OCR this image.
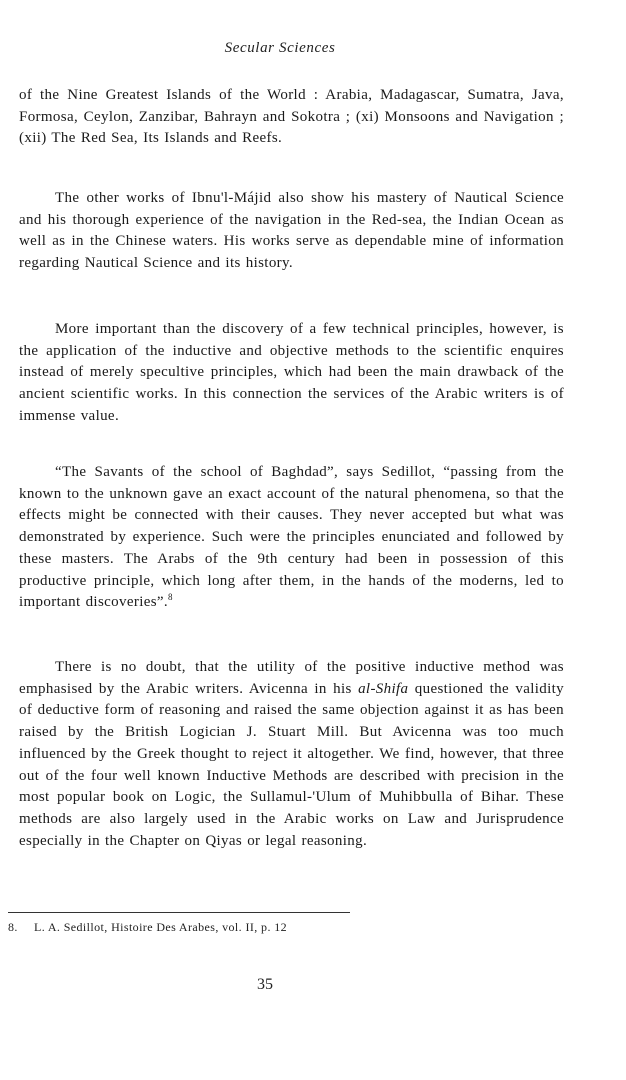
Secular Sciences

of the Nine Greatest Islands of the World : Arabia, Madagascar, Sumatra, Java, Formosa, Ceylon, Zanzibar, Bahrayn and Sokotra ; (xi) Monsoons and Navigation ; (xii) The Red Sea, Its Islands and Reefs.

The other works of Ibnu'l-Májid also show his mastery of Nautical Science and his thorough experience of the navigation in the Red-sea, the Indian Ocean as well as in the Chinese waters. His works serve as dependable mine of information regarding Nautical Science and its history.

More important than the discovery of a few technical principles, however, is the application of the inductive and objective methods to the scientific enquires instead of merely specultive principles, which had been the main drawback of the ancient scientific works. In this connection the services of the Arabic writers is of immense value.

“The Savants of the school of Baghdad”, says Sedillot, “passing from the known to the unknown gave an exact account of the natural phenomena, so that the effects might be connected with their causes. They never accepted but what was demonstrated by experience. Such were the principles enunciated and followed by these masters. The Arabs of the 9th century had been in possession of this productive principle, which long after them, in the hands of the moderns, led to important discoveries”.$^8$

There is no doubt, that the utility of the positive inductive method was emphasised by the Arabic writers. Avicenna in his al-Shifa questioned the validity of deductive form of reasoning and raised the same objection against it as has been raised by the British Logician J. Stuart Mill. But Avicenna was too much influenced by the Greek thought to reject it altogether. We find, however, that three out of the four well known Inductive Methods are described with precision in the most popular book on Logic, the Sullamul-'Ulum of Muhibbulla of Bihar. These methods are also largely used in the Arabic works on Law and Jurisprudence especially in the Chapter on Qiyas or legal reasoning.

8. L. A. Sedillot, Histoire Des Arabes, vol. II, p. 12
35
